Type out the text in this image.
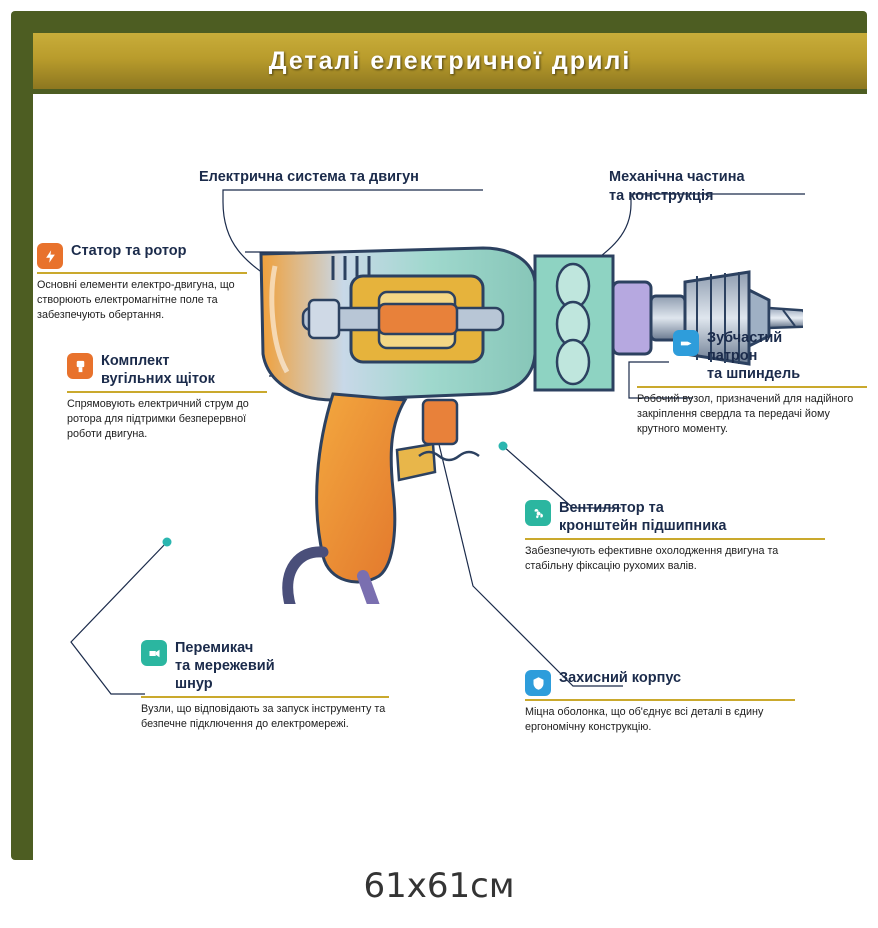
Деталі електричної дрилі
Електрична система та двигун	Механічна частина
та конструкція
Статор та ротор
Основні елементи електро-двигуна, що створюють електромагнітне поле та забезпечують обертання.
Комплект
вугільних щіток
Спрямовують електричний струм до ротора для підтримки безперервної роботи двигуна.
Перемикач
та мережевий
шнур
Вузли, що відповідають за запуск інструменту та безпечне підключення до електромережі.
Зубчастий
патрон
та шпиндель
Робочий вузол, призначений для надійного закріплення свердла та передачі йому крутного моменту.
Вентилятор та
кронштейн підшипника
Забезпечують ефективне охолодження двигуна та стабільну фіксацію рухомих валів.
Захисний корпус
Міцна оболонка, що об'єднує всі деталі в єдину ергономічну конструкцію.
61х61см
